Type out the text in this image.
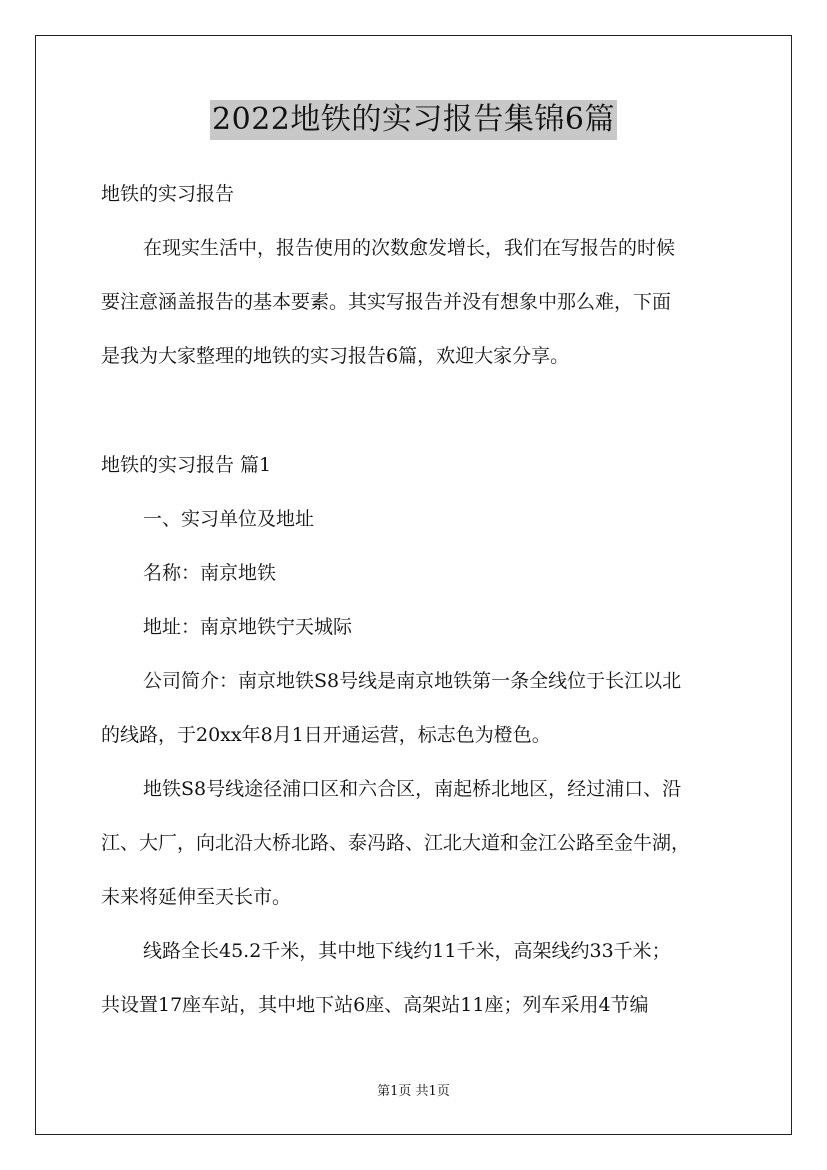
2022地铁的实习报告集锦6篇
地铁的实习报告
在现实生活中，报告使用的次数愈发增长，我们在写报告的时候
要注意涵盖报告的基本要素。其实写报告并没有想象中那么难，下面
是我为大家整理的地铁的实习报告6篇，欢迎大家分享。
地铁的实习报告 篇1
一、实习单位及地址
名称：南京地铁
地址：南京地铁宁天城际
公司简介：南京地铁S8号线是南京地铁第一条全线位于长江以北
的线路，于20xx年8月1日开通运营，标志色为橙色。
地铁S8号线途径浦口区和六合区，南起桥北地区，经过浦口、沿
江、大厂，向北沿大桥北路、泰冯路、江北大道和金江公路至金牛湖，
未来将延伸至天长市。
线路全长45.2千米，其中地下线约11千米，高架线约33千米；
共设置17座车站，其中地下站6座、高架站11座；列车采用4节编
第1页 共1页
